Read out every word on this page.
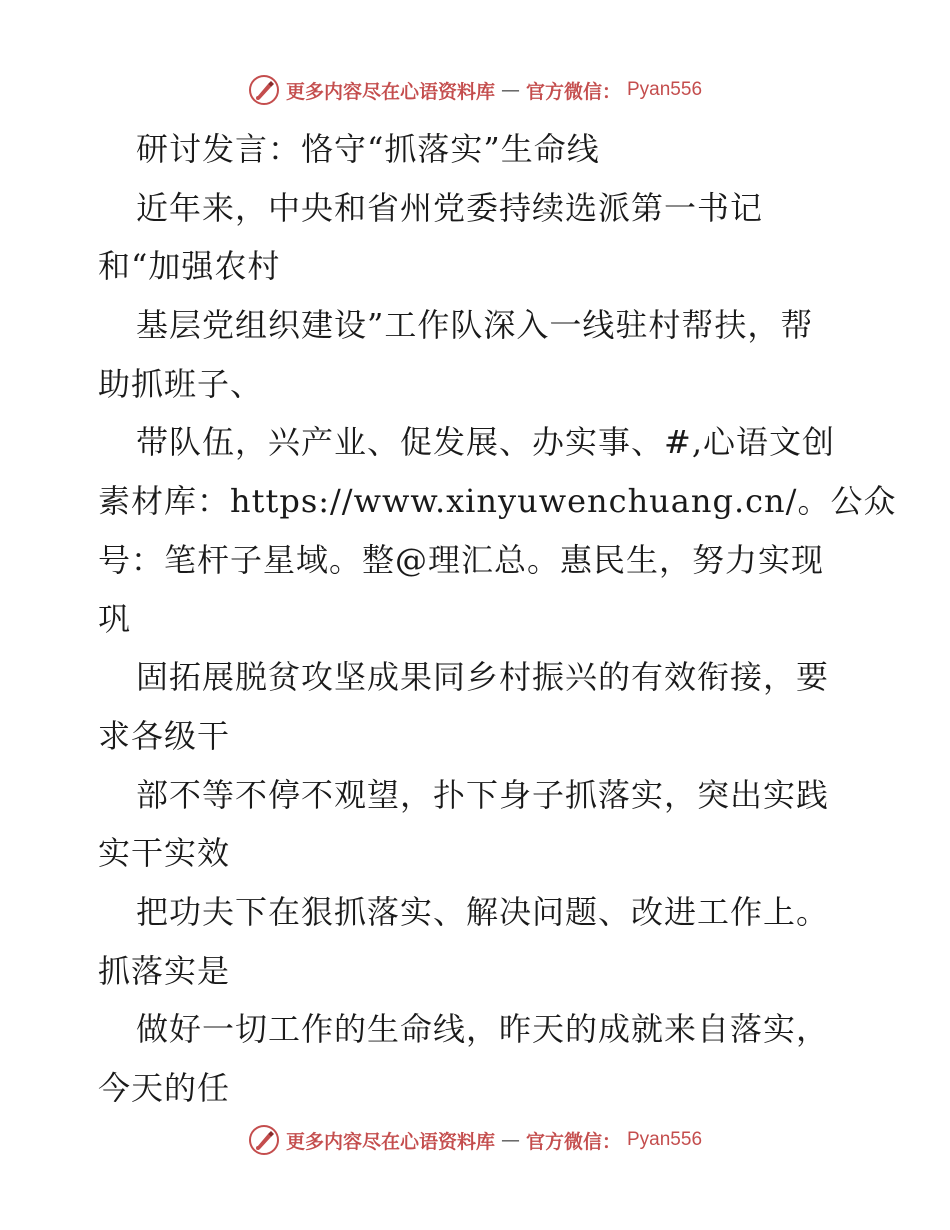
更多内容尽在心语资料库 — 官方微信： Pyan556
研讨发言：恪守“抓落实”生命线
近年来，中央和省州党委持续选派第一书记
和“加强农村
基层党组织建设”工作队深入一线驻村帮扶，帮
助抓班子、
带队伍，兴产业、促发展、办实事、#,心语文创
素材库：https://www.xinyuwenchuang.cn/。公众
号：笔杆子星域。整@理汇总。惠民生，努力实现
巩
固拓展脱贫攻坚成果同乡村振兴的有效衔接，要
求各级干
部不等不停不观望，扑下身子抓落实，突出实践
实干实效
把功夫下在狠抓落实、解决问题、改进工作上。
抓落实是
做好一切工作的生命线，昨天的成就来自落实，
今天的任
更多内容尽在心语资料库 — 官方微信： Pyan556
